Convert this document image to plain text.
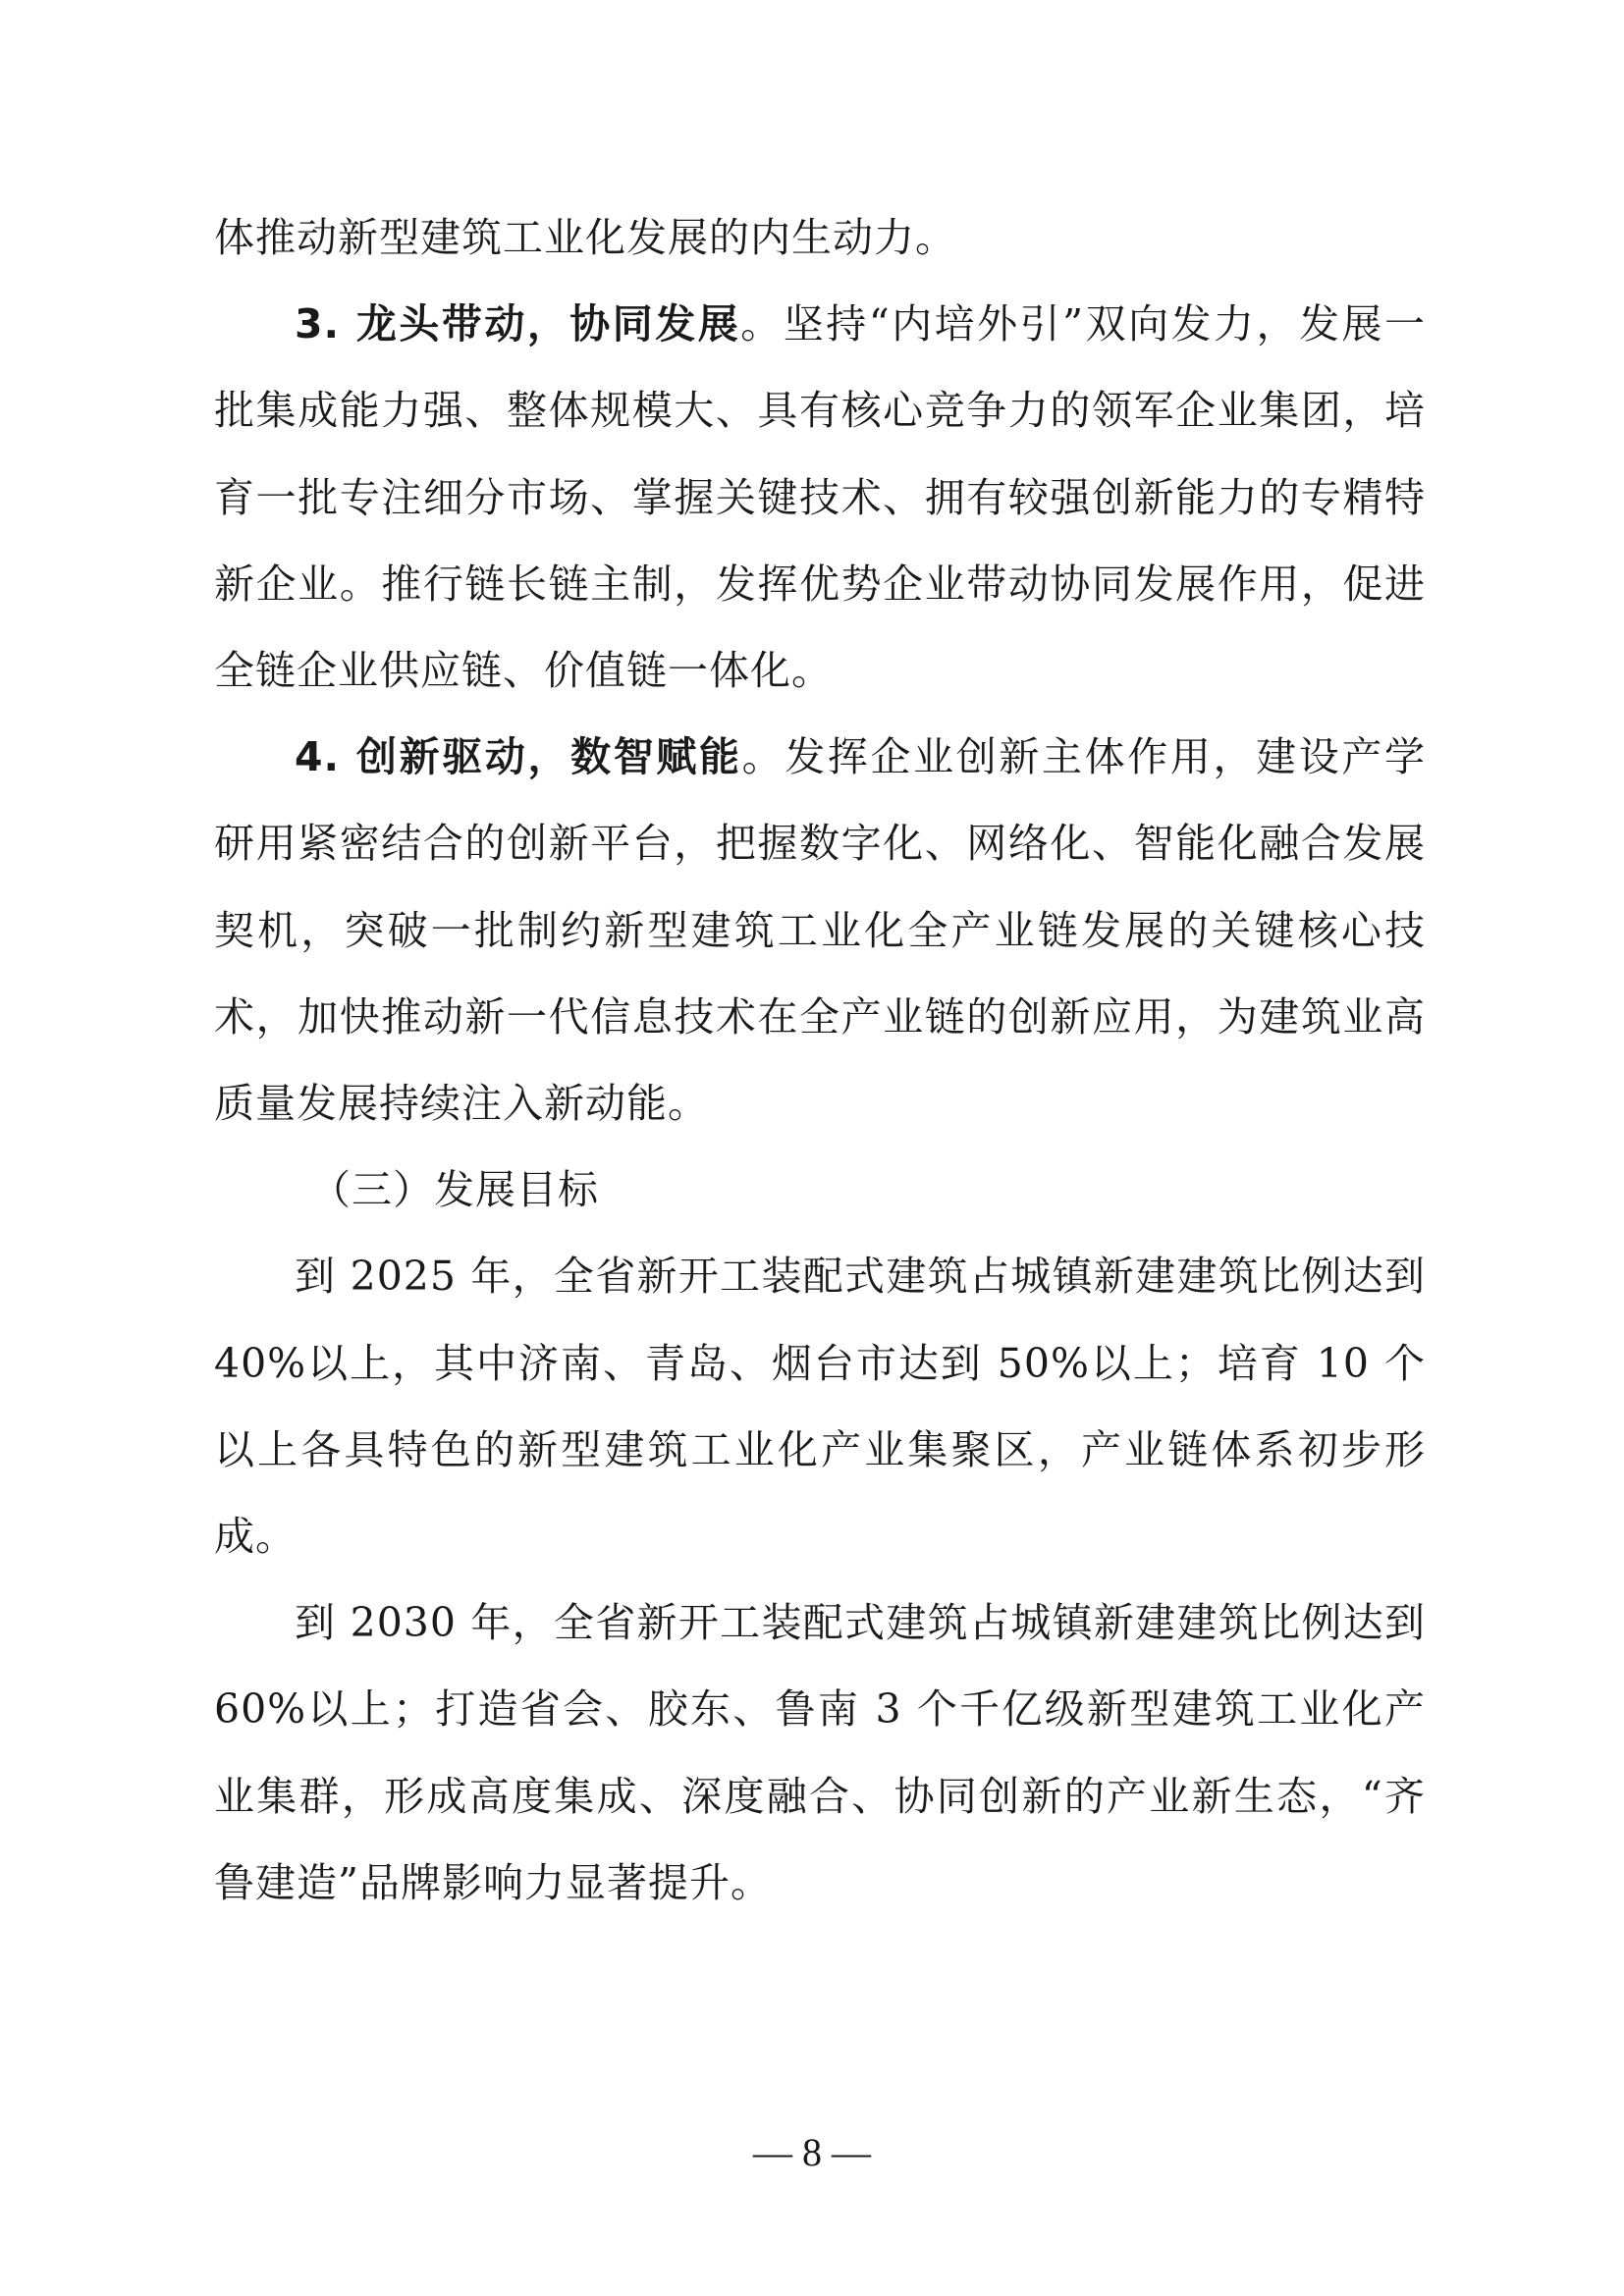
体推动新型建筑工业化发展的内生动力。

3. 龙头带动，协同发展。坚持“内培外引”双向发力，发展一批集成能力强、整体规模大、具有核心竞争力的领军企业集团，培育一批专注细分市场、掌握关键技术、拥有较强创新能力的专精特新企业。推行链长链主制，发挥优势企业带动协同发展作用，促进全链企业供应链、价值链一体化。

4. 创新驱动，数智赋能。发挥企业创新主体作用，建设产学研用紧密结合的创新平台，把握数字化、网络化、智能化融合发展契机，突破一批制约新型建筑工业化全产业链发展的关键核心技术，加快推动新一代信息技术在全产业链的创新应用，为建筑业高质量发展持续注入新动能。

（三）发展目标

到 2025 年，全省新开工装配式建筑占城镇新建建筑比例达到 40%以上，其中济南、青岛、烟台市达到 50%以上；培育 10 个以上各具特色的新型建筑工业化产业集聚区，产业链体系初步形成。

到 2030 年，全省新开工装配式建筑占城镇新建建筑比例达到 60%以上；打造省会、胶东、鲁南 3 个千亿级新型建筑工业化产业集群，形成高度集成、深度融合、协同创新的产业新生态，“齐鲁建造”品牌影响力显著提升。

— 8 —
